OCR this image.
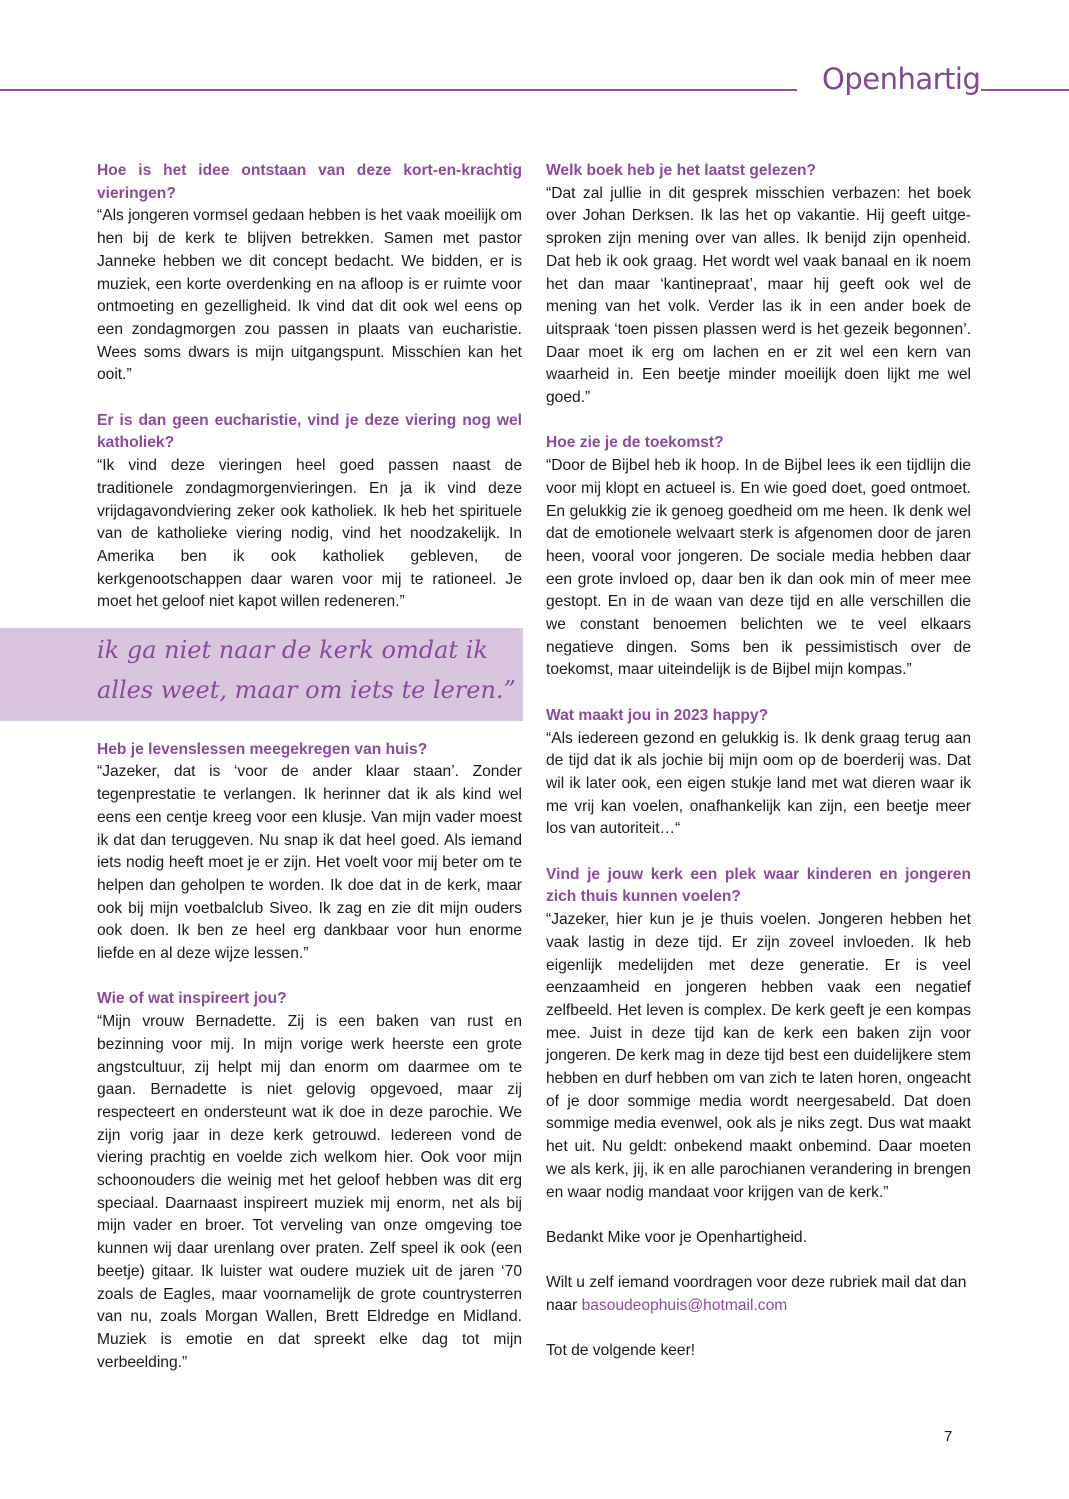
Openhartig

Hoe is het idee ontstaan van deze kort-en-krachtig vieringen?

“Als jongeren vormsel gedaan hebben is het vaak moeilijk om hen bij de kerk te blijven betrekken. Samen met pastor Janneke hebben we dit concept bedacht. We bidden, er is muziek, een korte overdenking en na afloop is er ruimte voor ontmoeting en gezelligheid. Ik vind dat dit ook wel eens op een zondagmorgen zou passen in plaats van eucharistie. Wees soms dwars is mijn uitgangspunt. Misschien kan het ooit.”

Er is dan geen eucharistie, vind je deze viering nog wel katholiek?

“Ik vind deze vieringen heel goed passen naast de traditionele zondagmorgenvieringen. En ja ik vind deze vrijdagavondviering zeker ook katholiek. Ik heb het spirituele van de katholieke viering nodig, vind het noodzakelijk. In Amerika ben ik ook katholiek gebleven, de kerkgenootschappen daar waren voor mij te rationeel. Je moet het geloof niet kapot willen redeneren.”

Heb je levenslessen meegekregen van huis?

“Jazeker, dat is ‘voor de ander klaar staan’. Zonder tegenprestatie te verlangen. Ik herinner dat ik als kind wel eens een centje kreeg voor een klusje. Van mijn vader moest ik dat dan teruggeven. Nu snap ik dat heel goed. Als iemand iets nodig heeft moet je er zijn. Het voelt voor mij beter om te helpen dan geholpen te worden. Ik doe dat in de kerk, maar ook bij mijn voetbalclub Siveo. Ik zag en zie dit mijn ouders ook doen. Ik ben ze heel erg dankbaar voor hun enorme liefde en al deze wijze lessen.”

Wie of wat inspireert jou?

“Mijn vrouw Bernadette. Zij is een baken van rust en bezinning voor mij. In mijn vorige werk heerste een grote angstcultuur, zij helpt mij dan enorm om daarmee om te gaan. Bernadette is niet gelovig opgevoed, maar zij respecteert en ondersteunt wat ik doe in deze parochie. We zijn vorig jaar in deze kerk getrouwd. Iedereen vond de viering prachtig en voelde zich welkom hier. Ook voor mijn schoonouders die weinig met het geloof hebben was dit erg speciaal. Daarnaast inspireert muziek mij enorm, net als bij mijn vader en broer. Tot verveling van onze omgeving toe kunnen wij daar urenlang over praten. Zelf speel ik ook (een beetje) gitaar. Ik luister wat oudere muziek uit de jaren ‘70 zoals de Eagles, maar voornamelijk de grote countrysterren van nu, zoals Morgan Wallen, Brett Eldredge en Midland. Muziek is emotie en dat spreekt elke dag tot mijn verbeelding.”

ik ga niet naar de kerk omdat ik
alles weet, maar om iets te leren.”

Welk boek heb je het laatst gelezen?

“Dat zal jullie in dit gesprek misschien verbazen: het boek over Johan Derksen. Ik las het op vakantie. Hij geeft uitge-sproken zijn mening over van alles. Ik benijd zijn openheid. Dat heb ik ook graag. Het wordt wel vaak banaal en ik noem het dan maar ‘kantinepraat’, maar hij geeft ook wel de mening van het volk. Verder las ik in een ander boek de uitspraak ‘toen pissen plassen werd is het gezeik begonnen’. Daar moet ik erg om lachen en er zit wel een kern van waarheid in. Een beetje minder moeilijk doen lijkt me wel goed.”

Hoe zie je de toekomst?

“Door de Bijbel heb ik hoop. In de Bijbel lees ik een tijdlijn die voor mij klopt en actueel is. En wie goed doet, goed ontmoet. En gelukkig zie ik genoeg goedheid om me heen. Ik denk wel dat de emotionele welvaart sterk is afgenomen door de jaren heen, vooral voor jongeren. De sociale media hebben daar een grote invloed op, daar ben ik dan ook min of meer mee gestopt. En in de waan van deze tijd en alle verschillen die we constant benoemen belichten we te veel elkaars negatieve dingen. Soms ben ik pessimistisch over de toekomst, maar uiteindelijk is de Bijbel mijn kompas.”

Wat maakt jou in 2023 happy?

“Als iedereen gezond en gelukkig is. Ik denk graag terug aan de tijd dat ik als jochie bij mijn oom op de boerderij was. Dat wil ik later ook, een eigen stukje land met wat dieren waar ik me vrij kan voelen, onafhankelijk kan zijn, een beetje meer los van autoriteit…“

Vind je jouw kerk een plek waar kinderen en jongeren zich thuis kunnen voelen?

“Jazeker, hier kun je je thuis voelen. Jongeren hebben het vaak lastig in deze tijd. Er zijn zoveel invloeden. Ik heb eigenlijk medelijden met deze generatie. Er is veel eenzaamheid en jongeren hebben vaak een negatief zelfbeeld. Het leven is complex. De kerk geeft je een kompas mee. Juist in deze tijd kan de kerk een baken zijn voor jongeren. De kerk mag in deze tijd best een duidelijkere stem hebben en durf hebben om van zich te laten horen, ongeacht of je door sommige media wordt neergesabeld. Dat doen sommige media evenwel, ook als je niks zegt. Dus wat maakt het uit. Nu geldt: onbekend maakt onbemind. Daar moeten we als kerk, jij, ik en alle parochianen verandering in brengen en waar nodig mandaat voor krijgen van de kerk.”

Bedankt Mike voor je Openhartigheid.

Wilt u zelf iemand voordragen voor deze rubriek mail dat dan naar basoudeophuis@hotmail.com

Tot de volgende keer!

7
